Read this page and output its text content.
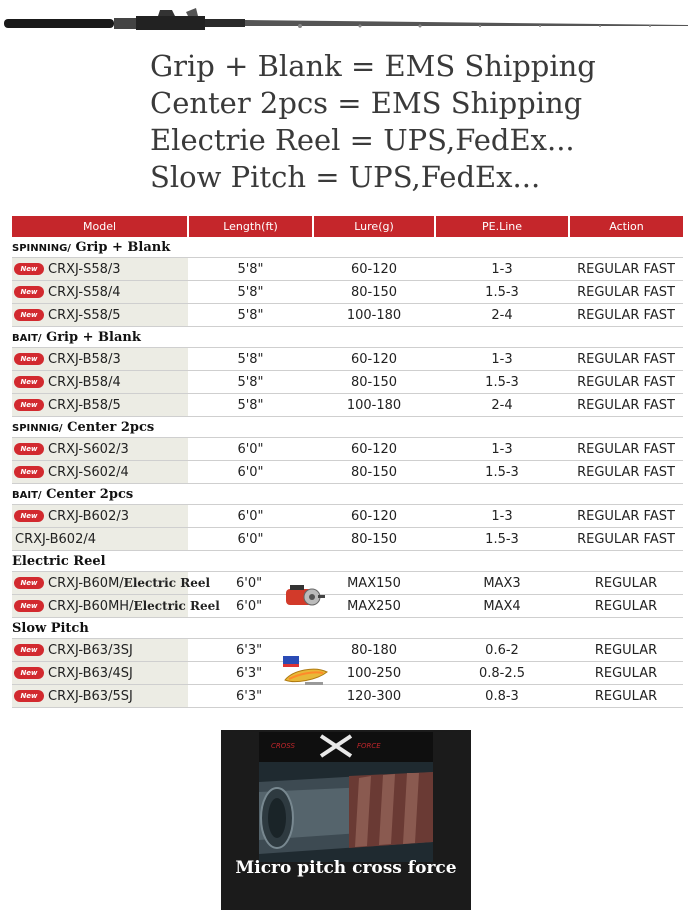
Grip + Blank = EMS Shipping
Center 2pcs = EMS Shipping
Electrie Reel = UPS,FedEx...
Slow Pitch = UPS,FedEx...
Model	Length(ft)	Lure(g)	PE.Line	Action
SPINNING/ Grip + Blank				
New CRXJ-S58/3	5'8"	60-120	1-3	REGULAR FAST
New CRXJ-S58/4	5'8"	80-150	1.5-3	REGULAR FAST
New CRXJ-S58/5	5'8"	100-180	2-4	REGULAR FAST
BAIT/ Grip + Blank				
New CRXJ-B58/3	5'8"	60-120	1-3	REGULAR FAST
New CRXJ-B58/4	5'8"	80-150	1.5-3	REGULAR FAST
New CRXJ-B58/5	5'8"	100-180	2-4	REGULAR FAST
SPINNIG/ Center 2pcs				
New CRXJ-S602/3	6'0"	60-120	1-3	REGULAR FAST
New CRXJ-S602/4	6'0"	80-150	1.5-3	REGULAR FAST
BAIT/ Center 2pcs				
New CRXJ-B602/3	6'0"	60-120	1-3	REGULAR FAST
CRXJ-B602/4	6'0"	80-150	1.5-3	REGULAR FAST
Electric Reel				
New CRXJ-B60M/Electric Reel	6'0"	MAX150	MAX3	REGULAR
New CRXJ-B60MH/Electric Reel	6'0"	MAX250	MAX4	REGULAR
Slow Pitch				
New CRXJ-B63/3SJ	6'3"	80-180	0.6-2	REGULAR
New CRXJ-B63/4SJ	6'3"	100-250	0.8-2.5	REGULAR
New CRXJ-B63/5SJ	6'3"	120-300	0.8-3	REGULAR
CROSS	FORCE
Micro pitch cross force
